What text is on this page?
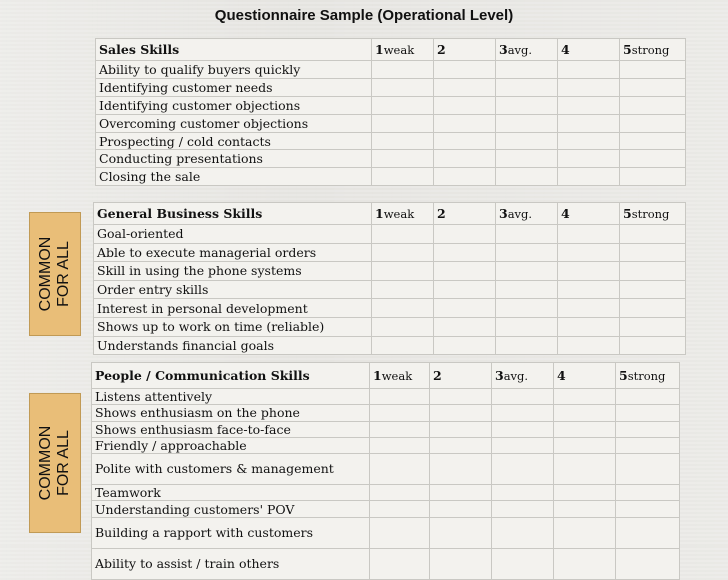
Questionnaire Sample (Operational Level)
COMMON FOR ALL
COMMON FOR ALL
Sales Skills	1weak	2	3avg.	4	5strong
Ability to qualify buyers quickly					
Identifying customer needs					
Identifying customer objections					
Overcoming customer objections					
Prospecting / cold contacts					
Conducting presentations					
Closing the sale					
General Business Skills	1weak	2	3avg.	4	5strong
Goal-oriented					
Able to execute managerial orders					
Skill in using the phone systems					
Order entry skills					
Interest in personal development					
Shows up to work on time (reliable)					
Understands financial goals					
People / Communication Skills	1weak	2	3avg.	4	5strong
Listens attentively					
Shows enthusiasm on the phone					
Shows enthusiasm face-to-face					
Friendly / approachable					
Polite with customers & management					
Teamwork					
Understanding customers' POV					
Building a rapport with customers					
Ability to assist / train others					
